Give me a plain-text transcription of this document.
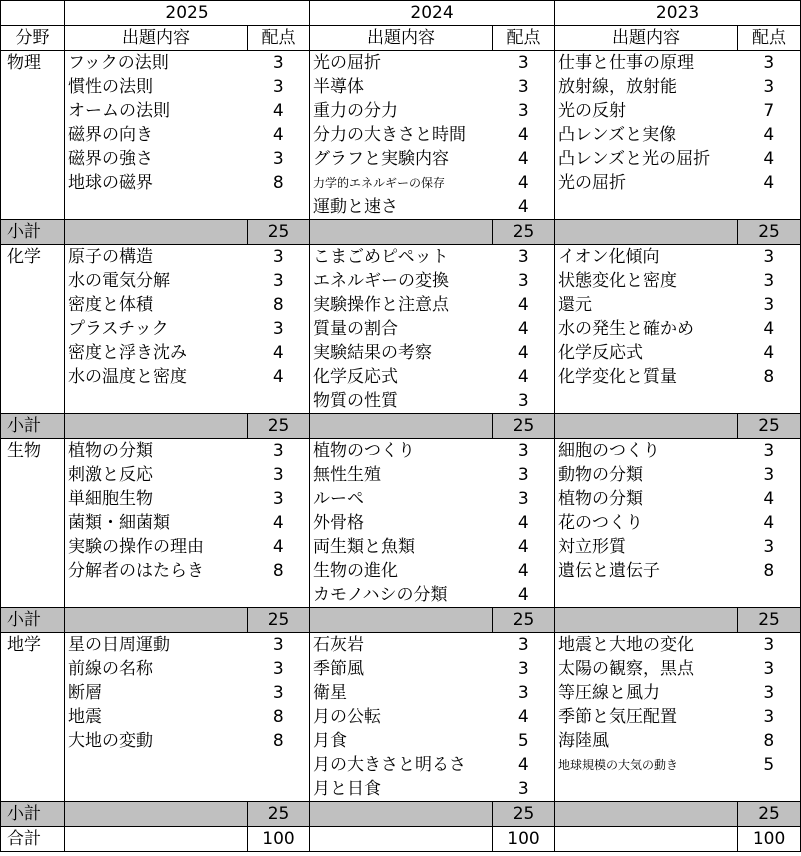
	2025		2024		2023	
分野	出題内容	配点	出題内容	配点	出題内容	配点
物理	フックの法則	3	光の屈折	3	仕事と仕事の原理	3
	慣性の法則	3	半導体	3	放射線，放射能	3
	オームの法則	4	重力の分力	3	光の反射	7
	磁界の向き	4	分力の大きさと時間	4	凸レンズと実像	4
	磁界の強さ	3	グラフと実験内容	4	凸レンズと光の屈折	4
	地球の磁界	8	力学的エネルギーの保存	4	光の屈折	4
			運動と速さ	4		
小計		25		25		25
化学	原子の構造	3	こまごめピペット	3	イオン化傾向	3
	水の電気分解	3	エネルギーの変換	3	状態変化と密度	3
	密度と体積	8	実験操作と注意点	4	還元	3
	プラスチック	3	質量の割合	4	水の発生と確かめ	4
	密度と浮き沈み	4	実験結果の考察	4	化学反応式	4
	水の温度と密度	4	化学反応式	4	化学変化と質量	8
			物質の性質	3		
小計		25		25		25
生物	植物の分類	3	植物のつくり	3	細胞のつくり	3
	刺激と反応	3	無性生殖	3	動物の分類	3
	単細胞生物	3	ルーペ	3	植物の分類	4
	菌類・細菌類	4	外骨格	4	花のつくり	4
	実験の操作の理由	4	両生類と魚類	4	対立形質	3
	分解者のはたらき	8	生物の進化	4	遺伝と遺伝子	8
			カモノハシの分類	4		
小計		25		25		25
地学	星の日周運動	3	石灰岩	3	地震と大地の変化	3
	前線の名称	3	季節風	3	太陽の観察，黒点	3
	断層	3	衛星	3	等圧線と風力	3
	地震	8	月の公転	4	季節と気圧配置	3
	大地の変動	8	月食	5	海陸風	8
			月の大きさと明るさ	4	地球規模の大気の動き	5
			月と日食	3		
小計		25		25		25
合計		100		100		100
